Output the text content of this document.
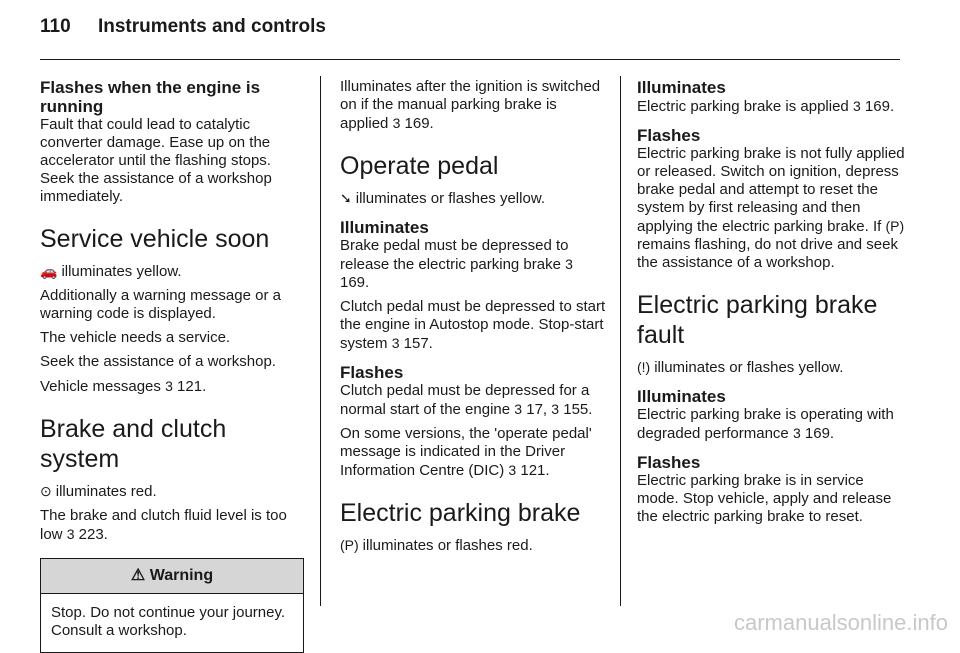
110 Instruments and controls
Flashes when the engine is running
Fault that could lead to catalytic converter damage. Ease up on the accelerator until the flashing stops. Seek the assistance of a workshop immediately.
Service vehicle soon
🚗 illuminates yellow.
Additionally a warning message or a warning code is displayed.
The vehicle needs a service.
Seek the assistance of a workshop.
Vehicle messages 3 121.
Brake and clutch system
⊙ illuminates red.
The brake and clutch fluid level is too low 3 223.
⚠ Warning
Stop. Do not continue your journey. Consult a workshop.
Illuminates after the ignition is switched on if the manual parking brake is applied 3 169.
Operate pedal
➘ illuminates or flashes yellow.
Illuminates
Brake pedal must be depressed to release the electric parking brake 3 169.
Clutch pedal must be depressed to start the engine in Autostop mode. Stop-start system 3 157.
Flashes
Clutch pedal must be depressed for a normal start of the engine 3 17, 3 155.
On some versions, the 'operate pedal' message is indicated in the Driver Information Centre (DIC) 3 121.
Electric parking brake
(P) illuminates or flashes red.
Illuminates
Electric parking brake is applied 3 169.
Flashes
Electric parking brake is not fully applied or released. Switch on ignition, depress brake pedal and attempt to reset the system by first releasing and then applying the electric parking brake. If (P) remains flashing, do not drive and seek the assistance of a workshop.
Electric parking brake fault
(!) illuminates or flashes yellow.
Illuminates
Electric parking brake is operating with degraded performance 3 169.
Flashes
Electric parking brake is in service mode. Stop vehicle, apply and release the electric parking brake to reset.
carmanualsonline.info
